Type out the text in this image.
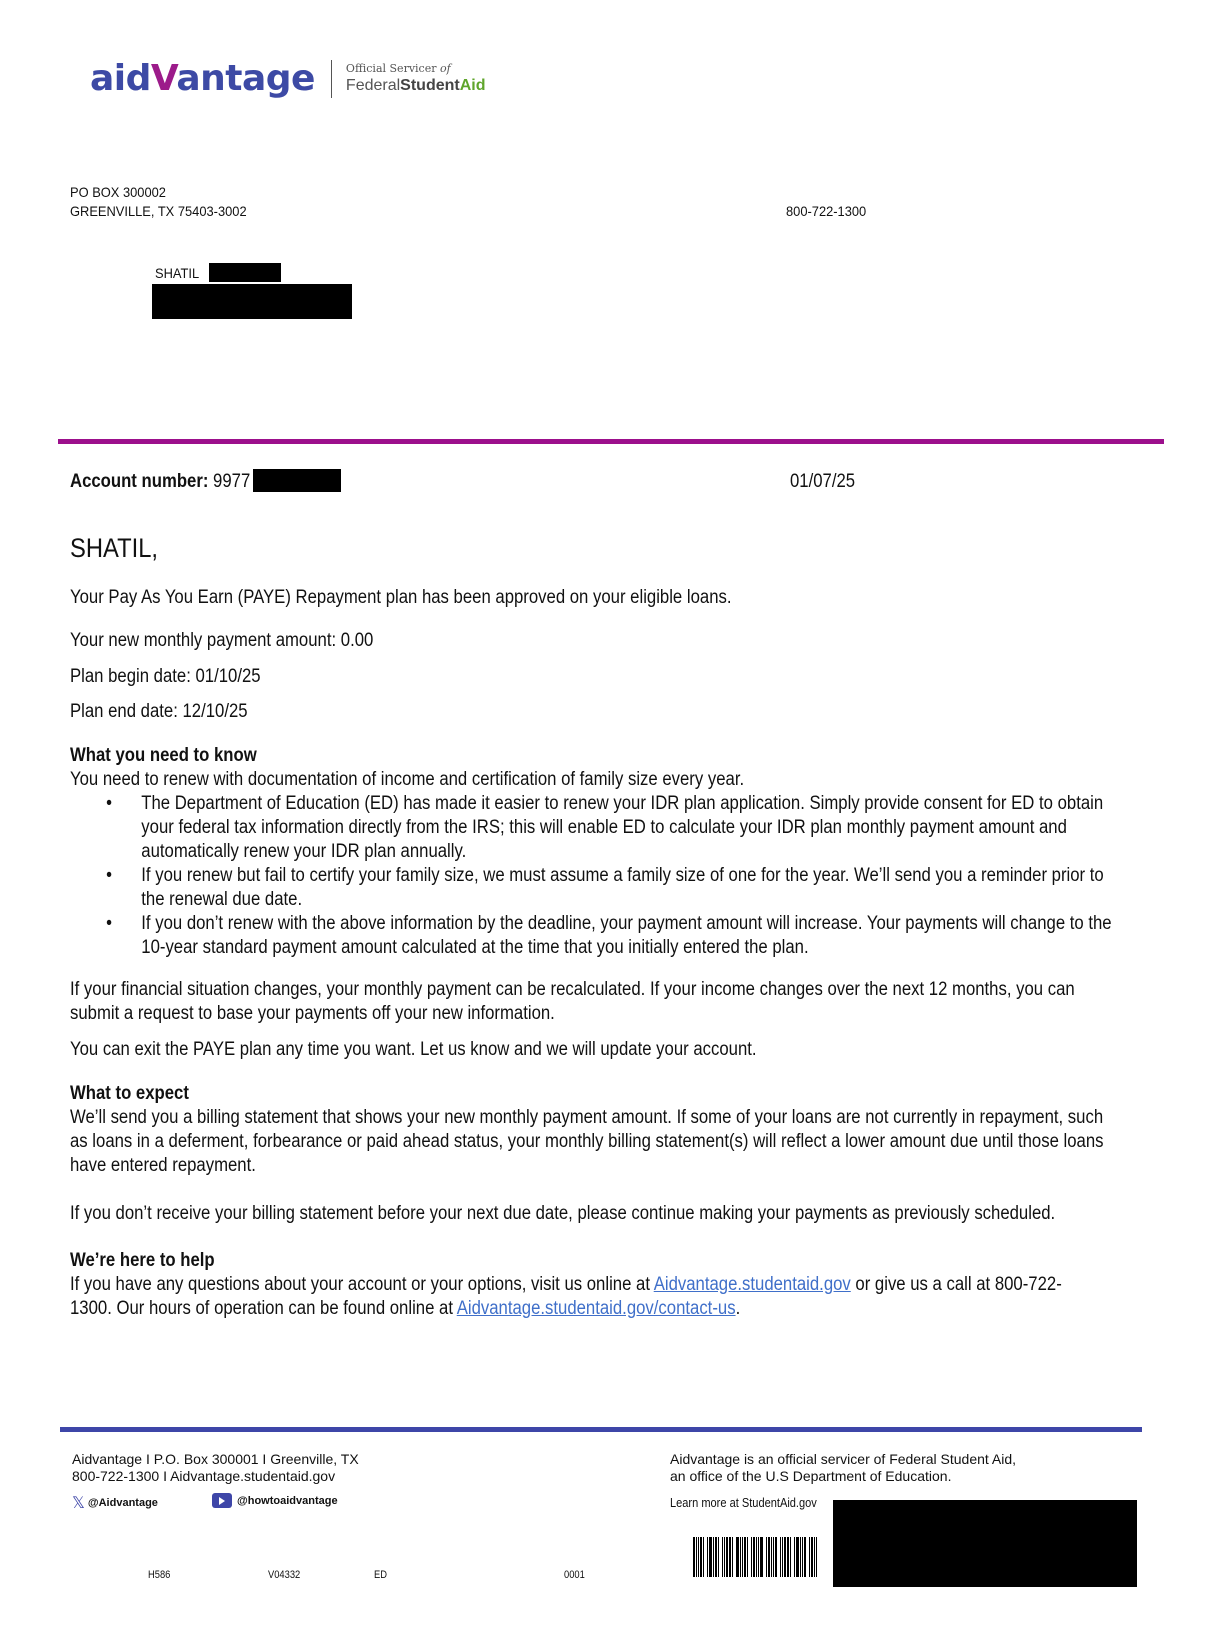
aidVantage	Official Servicer of
FederalStudentAid
PO BOX 300002
GREENVILLE, TX 75403-3002	800-722-1300
SHATIL
Account number: 9977	01/07/25
SHATIL,
Your Pay As You Earn (PAYE) Repayment plan has been approved on your eligible loans.
Your new monthly payment amount: 0.00
Plan begin date: 01/10/25
Plan end date: 12/10/25
What you need to know
You need to renew with documentation of income and certification of family size every year.
• The Department of Education (ED) has made it easier to renew your IDR plan application. Simply provide consent for ED to obtain
your federal tax information directly from the IRS; this will enable ED to calculate your IDR plan monthly payment amount and
automatically renew your IDR plan annually.
• If you renew but fail to certify your family size, we must assume a family size of one for the year. We’ll send you a reminder prior to
the renewal due date.
• If you don’t renew with the above information by the deadline, your payment amount will increase. Your payments will change to the
10-year standard payment amount calculated at the time that you initially entered the plan.
If your financial situation changes, your monthly payment can be recalculated. If your income changes over the next 12 months, you can
submit a request to base your payments off your new information.
You can exit the PAYE plan any time you want. Let us know and we will update your account.
What to expect
We’ll send you a billing statement that shows your new monthly payment amount. If some of your loans are not currently in repayment, such
as loans in a deferment, forbearance or paid ahead status, your monthly billing statement(s) will reflect a lower amount due until those loans
have entered repayment.
If you don’t receive your billing statement before your next due date, please continue making your payments as previously scheduled.
We’re here to help
If you have any questions about your account or your options, visit us online at Aidvantage.studentaid.gov or give us a call at 800-722-
1300. Our hours of operation can be found online at Aidvantage.studentaid.gov/contact-us.
Aidvantage I P.O. Box 300001 I Greenville, TX
800-722-1300 I Aidvantage.studentaid.gov
𝕏 @Aidvantage	@howtoaidvantage
Aidvantage is an official servicer of Federal Student Aid,
an office of the U.S Department of Education.
Learn more at StudentAid.gov
H586	V04332	ED	0001
